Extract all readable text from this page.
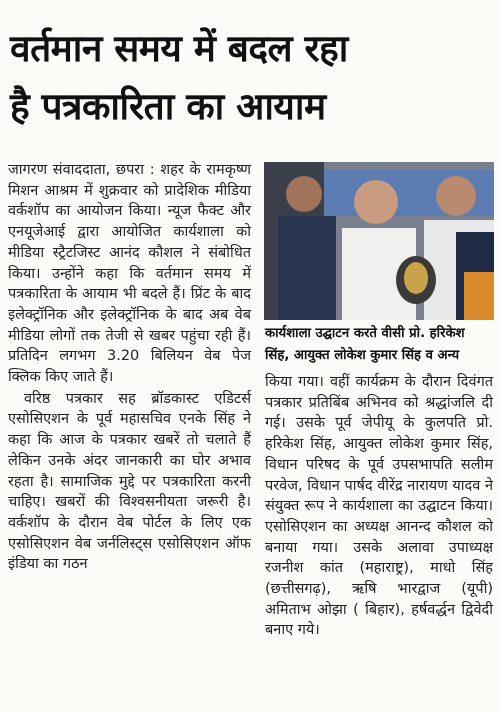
वर्तमान समय में बदल रहा
है पत्रकारिता का आयाम

जागरण संवाददाता, छपरा : शहर के रामकृष्ण मिशन आश्रम में शुक्रवार को प्रादेशिक मीडिया वर्कशॉप का आयोजन किया। न्यूज फैक्ट और एनयूजेआई द्वारा आयोजित कार्यशाला को मीडिया स्ट्रैटजिस्ट आनंद कौशल ने संबोधित किया। उन्होंने कहा कि वर्तमान समय में पत्रकारिता के आयाम भी बदले हैं। प्रिंट के बाद इलेक्ट्रॉनिक और इलेक्ट्रॉनिक के बाद अब वेब मीडिया लोगों तक तेजी से खबर पहुंचा रही हैं। प्रतिदिन लगभग 3.20 बिलियन वेब पेज क्लिक किए जाते हैं।

वरिष्ठ पत्रकार सह ब्रॉडकास्ट एडिटर्स एसोसिएशन के पूर्व महासचिव एनके सिंह ने कहा कि आज के पत्रकार खबरें तो चलाते हैं लेकिन उनके अंदर जानकारी का घोर अभाव रहता है। सामाजिक मुद्दे पर पत्रकारिता करनी चाहिए। खबरों की विश्वसनीयता जरूरी है। वर्कशॉप के दौरान वेब पोर्टल के लिए एक एसोसिएशन वेब जर्नलिस्ट्स एसोसिएशन ऑफ इंडिया का गठन

कार्यशाला उद्घाटन करते वीसी प्रो. हरिकेश सिंह, आयुक्त लोकेश कुमार सिंह व अन्य

किया गया। वहीं कार्यक्रम के दौरान दिवंगत पत्रकार प्रतिबिंब अभिनव को श्रद्धांजलि दी गई। उसके पूर्व जेपीयू के कुलपति प्रो. हरिकेश सिंह, आयुक्त लोकेश कुमार सिंह, विधान परिषद के पूर्व उपसभापति सलीम परवेज, विधान पार्षद वीरेंद्र नारायण यादव ने संयुक्त रूप ने कार्यशाला का उद्घाटन किया। एसोसिएशन का अध्यक्ष आनन्द कौशल को बनाया गया। उसके अलावा उपाध्यक्ष रजनीश कांत (महाराष्ट्र), माधो सिंह (छत्तीसगढ़), ऋषि भारद्वाज (यूपी) अमिताभ ओझा ( बिहार), हर्षवर्द्धन द्विवेदी बनाए गये।
